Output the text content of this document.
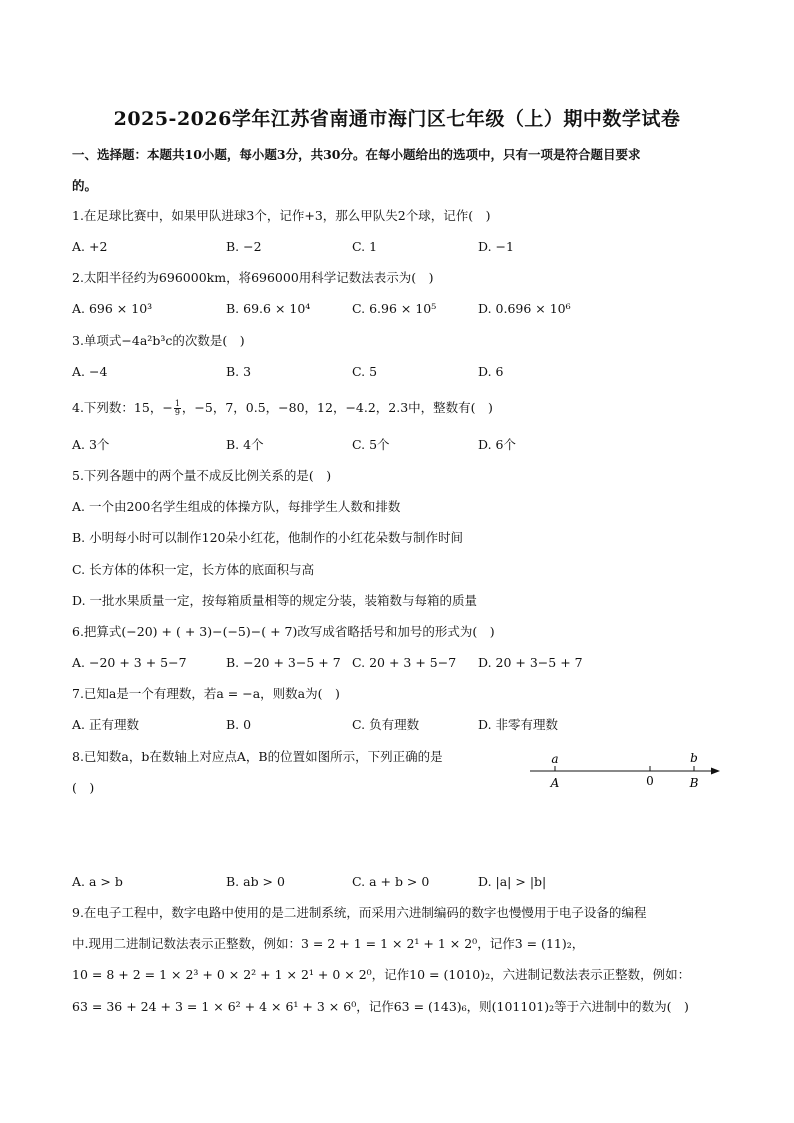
2025-2026学年江苏省南通市海门区七年级（上）期中数学试卷
一、选择题：本题共10小题，每小题3分，共30分。在每小题给出的选项中，只有一项是符合题目要求
的。
1.在足球比赛中，如果甲队进球3个，记作+3，那么甲队失2个球，记作(　)
A. +2	B. −2	C. 1	D. −1
2.太阳半径约为696000km，将696000用科学记数法表示为(　)
A. 696 × 10³	B. 69.6 × 10⁴	C. 6.96 × 10⁵	D. 0.696 × 10⁶
3.单项式−4a²b³c的次数是(　)
A. −4	B. 3	C. 5	D. 6
4.下列数：15，− $\frac{1}{9}$ ，−5，7，0.5，−80，12，−4.2，2.3中，整数有(　)
A. 3个	B. 4个	C. 5个	D. 6个
5.下列各题中的两个量不成反比例关系的是(　)
A. 一个由200名学生组成的体操方队，每排学生人数和排数
B. 小明每小时可以制作120朵小红花，他制作的小红花朵数与制作时间
C. 长方体的体积一定，长方体的底面积与高
D. 一批水果质量一定，按每箱质量相等的规定分装，装箱数与每箱的质量
6.把算式(−20) + ( + 3)−(−5)−( + 7)改写成省略括号和加号的形式为(　)
A. −20 + 3 + 5−7	B. −20 + 3−5 + 7 C. 20 + 3 + 5−7 D. 20 + 3−5 + 7
7.已知a是一个有理数，若a = −a，则数a为(　)
A. 正有理数	B. 0	C. 负有理数	D. 非零有理数
8.已知数a，b在数轴上对应点A，B的位置如图所示，下列正确的是
(　)
a
A	0
b
B
A. a > b	B. ab > 0	C. a + b > 0	D. |a| > |b|
9.在电子工程中，数字电路中使用的是二进制系统，而采用六进制编码的数字也慢慢用于电子设备的编程
中.现用二进制记数法表示正整数，例如：3 = 2 + 1 = 1 × 2¹ + 1 × 2⁰，记作3 = (11)₂，
10 = 8 + 2 = 1 × 2³ + 0 × 2² + 1 × 2¹ + 0 × 2⁰，记作10 = (1010)₂，六进制记数法表示正整数，例如：
63 = 36 + 24 + 3 = 1 × 6² + 4 × 6¹ + 3 × 6⁰，记作63 = (143)₆，则(101101)₂等于六进制中的数为(　)
